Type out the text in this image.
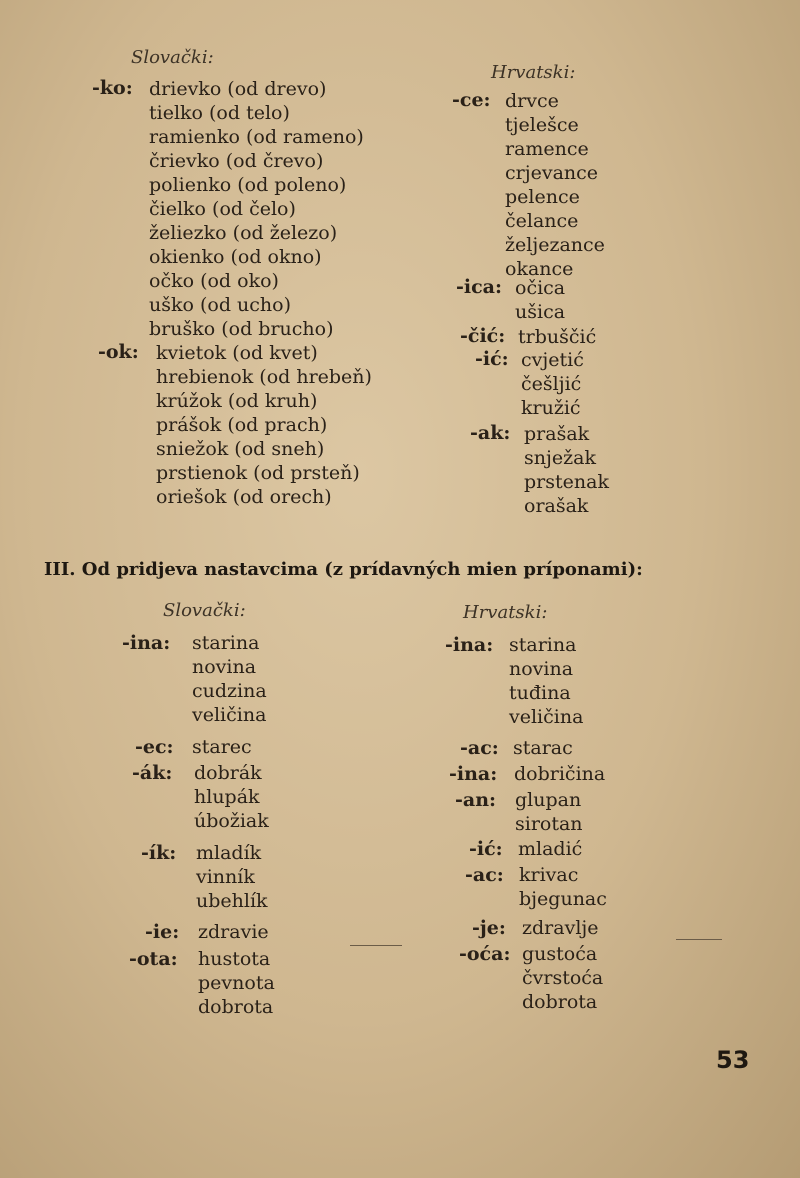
Slovački:
-ko: drievko (od drevo)
tielko (od telo)
ramienko (od rameno)
črievko (od črevo)
polienko (od poleno)
čielko (od čelo)
želiezko (od železo)
okienko (od okno)
očko (od oko)
uško (od ucho)
bruško (od brucho)
-ok: kvietok (od kvet)
hrebienok (od hrebeň)
krúžok (od kruh)
prášok (od prach)
sniežok (od sneh)
prstienok (od prsteň)
oriešok (od orech)
Hrvatski:
-ce: drvce
tjelešce
ramence
crjevance
pelence
čelance
željezance
okance
-ica: očica
ušica
-čić: trbuščić
-ić: cvjetić
češljić
kružić
-ak: prašak
snježak
prstenak
orašak
III. Od pridjeva nastavcima (z prídavných mien príponami):
Slovački:
-ina: starina
novina
cudzina
veličina
-ec: starec
-ák: dobrák
hlupák
úbožiak
-ík: mladík
vinník
ubehlík
-ie: zdravie
-ota: hustota
pevnota
dobrota
Hrvatski:
-ina: starina
novina
tuđina
veličina
-ac: starac
-ina: dobričina
-an: glupan
sirotan
-ić: mladić
-ac: krivac
bjegunac
-je: zdravlje
-oća: gustoća
čvrstoća
dobrota
53
